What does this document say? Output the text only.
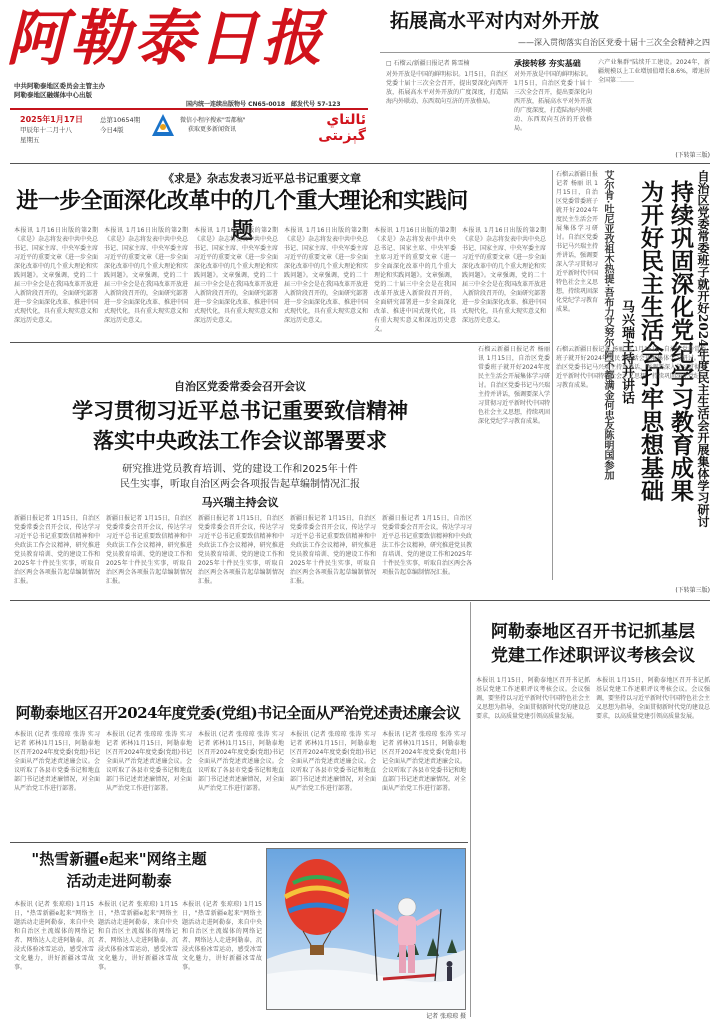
阿勒泰日报
中共阿勒泰地区委员会主管主办
阿勒泰地区融媒体中心出版
国内统一连续出版物号 CN65-0018　邮发代号 57-123
2025年1月17日
甲辰年十二月十八
星期五
总第10654期
今日4版
微信小程序搜索"雪都稿"
获取更多新闻资讯
ئالتاي گېزىتى
拓展高水平对内对外开放
——深入贯彻落实自治区党委十届十三次全会精神之四
□ 石榴云/新疆日报记者 陈雪楠
对外开放是中国的鲜明标识。1月5日，自治区党委十届十三次全会召开，提出要深化向西开放，拓展高水平对外开放的广度深度，打造陆海内外联动、东西双向互济的开放格局。
承接转移 夯实基础
对外开放是中国的鲜明标识。1月5日，自治区党委十届十三次全会召开，提出要深化向西开放，拓展高水平对外开放的广度深度，打造陆海内外联动、东西双向互济的开放格局。
六产业集群"陆续开工建设。2024年，新疆规模以上工业增加值增长8.6%，增速居全国第二……
(下转第三版)
《求是》杂志发表习近平总书记重要文章
进一步全面深化改革中的几个重大理论和实践问题
本报讯 1月16日出版的第2期《求是》杂志将发表中共中央总书记、国家主席、中央军委主席习近平的重要文章《进一步全面深化改革中的几个重大理论和实践问题》。文章强调，党的二十届三中全会是在我国改革开放进入新阶段召开的，全面研究部署进一步全面深化改革、推进中国式现代化，具有重大现实意义和深远历史意义。
本报讯 1月16日出版的第2期《求是》杂志将发表中共中央总书记、国家主席、中央军委主席习近平的重要文章《进一步全面深化改革中的几个重大理论和实践问题》。文章强调，党的二十届三中全会是在我国改革开放进入新阶段召开的，全面研究部署进一步全面深化改革、推进中国式现代化，具有重大现实意义和深远历史意义。
本报讯 1月16日出版的第2期《求是》杂志将发表中共中央总书记、国家主席、中央军委主席习近平的重要文章《进一步全面深化改革中的几个重大理论和实践问题》。文章强调，党的二十届三中全会是在我国改革开放进入新阶段召开的，全面研究部署进一步全面深化改革、推进中国式现代化，具有重大现实意义和深远历史意义。
本报讯 1月16日出版的第2期《求是》杂志将发表中共中央总书记、国家主席、中央军委主席习近平的重要文章《进一步全面深化改革中的几个重大理论和实践问题》。文章强调，党的二十届三中全会是在我国改革开放进入新阶段召开的，全面研究部署进一步全面深化改革、推进中国式现代化，具有重大现实意义和深远历史意义。
本报讯 1月16日出版的第2期《求是》杂志将发表中共中央总书记、国家主席、中央军委主席习近平的重要文章《进一步全面深化改革中的几个重大理论和实践问题》。文章强调，党的二十届三中全会是在我国改革开放进入新阶段召开的，全面研究部署进一步全面深化改革、推进中国式现代化，具有重大现实意义和深远历史意义。
本报讯 1月16日出版的第2期《求是》杂志将发表中共中央总书记、国家主席、中央军委主席习近平的重要文章《进一步全面深化改革中的几个重大理论和实践问题》。文章强调，党的二十届三中全会是在我国改革开放进入新阶段召开的，全面研究部署进一步全面深化改革、推进中国式现代化，具有重大现实意义和深远历史意义。	自治区党委常委班子就开好2024年度民主生活会开展集体学习研讨
持续巩固深化党纪学习教育成果
为开好民主生活会打牢思想基础
马兴瑞主持并讲话
艾尔肯·吐尼亚孜祖木热提·吾布力艾努尔·阿不都满金何忠友陈明国参加
石榴云新疆日报记者 杨丽 讯 1月15日，自治区党委常委班子就开好2024年度民主生活会开展集体学习研讨。自治区党委书记马兴瑞主持并讲话，强调要深入学习贯彻习近平新时代中国特色社会主义思想，持续巩固深化党纪学习教育成果。
石榴云新疆日报记者 杨丽 讯 1月15日，自治区党委常委班子就开好2024年度民主生活会开展集体学习研讨。自治区党委书记马兴瑞主持并讲话，强调要深入学习贯彻习近平新时代中国特色社会主义思想，持续巩固深化党纪学习教育成果。
石榴云新疆日报记者 杨丽 讯 1月15日，自治区党委常委班子就开好2024年度民主生活会开展集体学习研讨。自治区党委书记马兴瑞主持并讲话，强调要深入学习贯彻习近平新时代中国特色社会主义思想，持续巩固深化党纪学习教育成果。
(下转第三版)
自治区党委常委会召开会议
学习贯彻习近平总书记重要致信精神
落实中央政法工作会议部署要求
研究推进党员教育培训、党的建设工作和2025年十件
民生实事，听取自治区两会各项报告起草编制情况汇报
马兴瑞主持会议
新疆日报记者 1月15日，自治区党委常委会召开会议，传达学习习近平总书记重要致信精神和中央政法工作会议精神，研究推进党员教育培训、党的建设工作和2025年十件民生实事，听取自治区两会各项报告起草编制情况汇报。
新疆日报记者 1月15日，自治区党委常委会召开会议，传达学习习近平总书记重要致信精神和中央政法工作会议精神，研究推进党员教育培训、党的建设工作和2025年十件民生实事，听取自治区两会各项报告起草编制情况汇报。
新疆日报记者 1月15日，自治区党委常委会召开会议，传达学习习近平总书记重要致信精神和中央政法工作会议精神，研究推进党员教育培训、党的建设工作和2025年十件民生实事，听取自治区两会各项报告起草编制情况汇报。
新疆日报记者 1月15日，自治区党委常委会召开会议，传达学习习近平总书记重要致信精神和中央政法工作会议精神，研究推进党员教育培训、党的建设工作和2025年十件民生实事，听取自治区两会各项报告起草编制情况汇报。
新疆日报记者 1月15日，自治区党委常委会召开会议，传达学习习近平总书记重要致信精神和中央政法工作会议精神，研究推进党员教育培训、党的建设工作和2025年十件民生实事，听取自治区两会各项报告起草编制情况汇报。
阿勒泰地区召开书记抓基层
党建工作述职评议考核会议
本报讯 1月15日，阿勒泰地区召开书记抓基层党建工作述职评议考核会议。会议强调，要坚持以习近平新时代中国特色社会主义思想为指导，全面贯彻新时代党的建设总要求，以高质量党建引领高质量发展。
本报讯 1月15日，阿勒泰地区召开书记抓基层党建工作述职评议考核会议。会议强调，要坚持以习近平新时代中国特色社会主义思想为指导，全面贯彻新时代党的建设总要求，以高质量党建引领高质量发展。
阿勒泰地区召开2024年度党委(党组)书记全面从严治党述责述廉会议
本报讯 (记者 张琼琼 张涛 实习记者 郭林)1月15日，阿勒泰地区召开2024年度党委(党组)书记全面从严治党述责述廉会议。会议听取了各县市党委书记和地直部门书记述责述廉情况，对全面从严治党工作进行部署。
本报讯 (记者 张琼琼 张涛 实习记者 郭林)1月15日，阿勒泰地区召开2024年度党委(党组)书记全面从严治党述责述廉会议。会议听取了各县市党委书记和地直部门书记述责述廉情况，对全面从严治党工作进行部署。
本报讯 (记者 张琼琼 张涛 实习记者 郭林)1月15日，阿勒泰地区召开2024年度党委(党组)书记全面从严治党述责述廉会议。会议听取了各县市党委书记和地直部门书记述责述廉情况，对全面从严治党工作进行部署。
本报讯 (记者 张琼琼 张涛 实习记者 郭林)1月15日，阿勒泰地区召开2024年度党委(党组)书记全面从严治党述责述廉会议。会议听取了各县市党委书记和地直部门书记述责述廉情况，对全面从严治党工作进行部署。
本报讯 (记者 张琼琼 张涛 实习记者 郭林)1月15日，阿勒泰地区召开2024年度党委(党组)书记全面从严治党述责述廉会议。会议听取了各县市党委书记和地直部门书记述责述廉情况，对全面从严治党工作进行部署。
"热雪新疆e起来"网络主题
活动走进阿勒泰
本报讯 (记者 张琼琼) 1月15日，"热雪新疆e起来"网络主题活动走进阿勒泰，来自中央和自治区主流媒体的网络记者、网络达人走进阿勒泰，沉浸式体验冰雪运动，感受冰雪文化魅力，讲好新疆冰雪故事。
本报讯 (记者 张琼琼) 1月15日，"热雪新疆e起来"网络主题活动走进阿勒泰，来自中央和自治区主流媒体的网络记者、网络达人走进阿勒泰，沉浸式体验冰雪运动，感受冰雪文化魅力，讲好新疆冰雪故事。
本报讯 (记者 张琼琼) 1月15日，"热雪新疆e起来"网络主题活动走进阿勒泰，来自中央和自治区主流媒体的网络记者、网络达人走进阿勒泰，沉浸式体验冰雪运动，感受冰雪文化魅力，讲好新疆冰雪故事。
记者 张琼琼 摄
